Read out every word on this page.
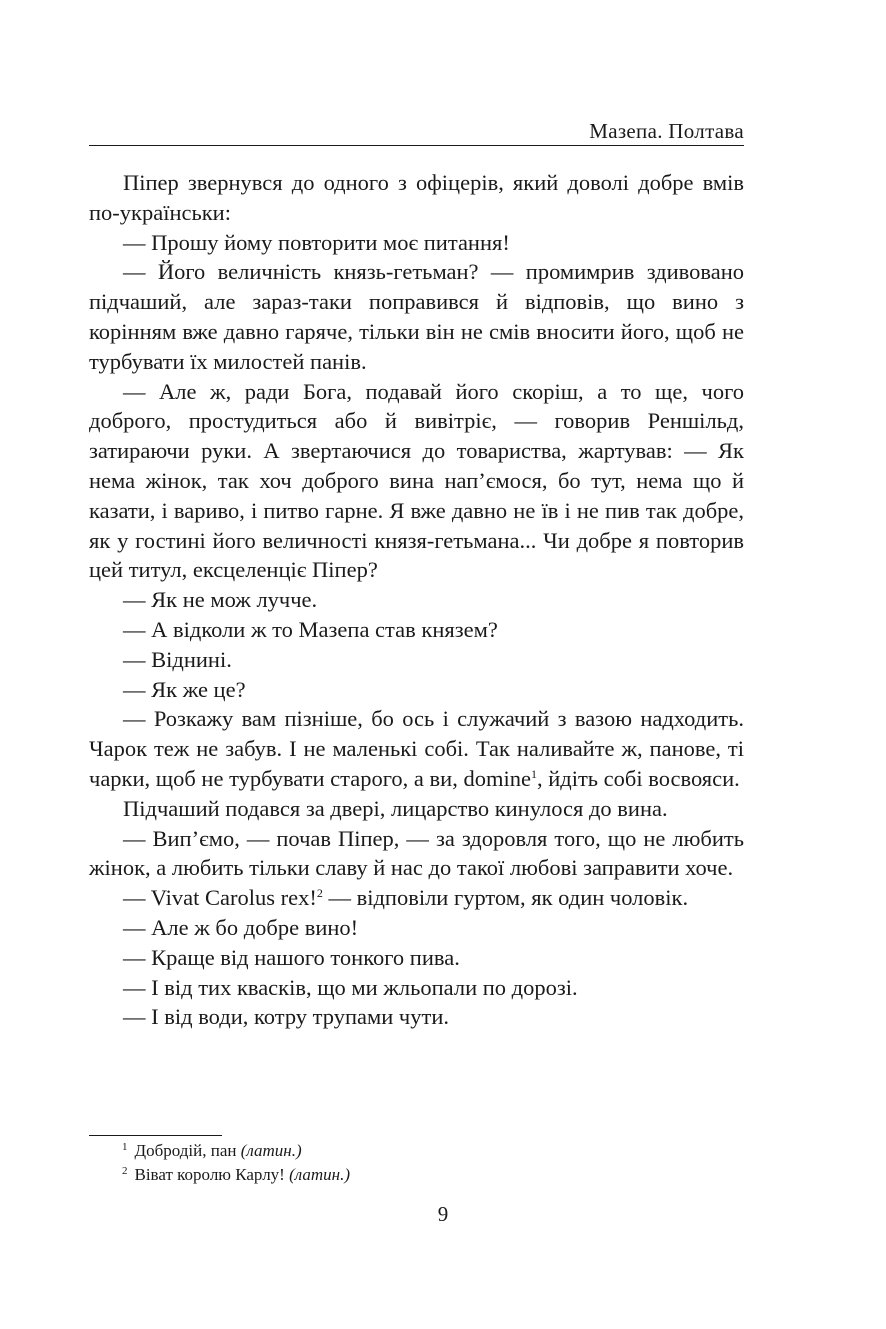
Мазепа. Полтава

Піпер звернувся до одного з офіцерів, який доволі добре вмів по-українськи:

— Прошу йому повторити моє питання!

— Його величність князь-гетьман? — промимрив здивовано підчаший, але зараз-таки поправився й відповів, що вино з корінням вже давно гаряче, тільки він не смів вносити його, щоб не турбувати їх милостей панів.

— Але ж, ради Бога, подавай його скоріш, а то ще, чого доброго, простудиться або й вивітріє, — говорив Реншільд, затираючи руки. А звертаючися до товариства, жартував: — Як нема жінок, так хоч доброго вина нап’ємося, бо тут, нема що й казати, і вариво, і питво гарне. Я вже давно не їв і не пив так добре, як у гостині його величності князя-гетьмана... Чи добре я повторив цей титул, ексцеленціє Піпер?

— Як не мож лучче.

— А відколи ж то Мазепа став князем?

— Віднині.

— Як же це?

— Розкажу вам пізніше, бо ось і служачий з вазою надходить. Чарок теж не забув. І не маленькі собі. Так наливайте ж, панове, ті чарки, щоб не турбувати старого, а ви, domine$^1$, йдіть собі восвояси.

Підчаший подався за двері, лицарство кинулося до вина.

— Вип’ємо, — почав Піпер, — за здоровля того, що не любить жінок, а любить тільки славу й нас до такої любові заправити хоче.

— Vivat Carolus rex!$^2$ — відповіли гуртом, як один чоловік.

— Але ж бо добре вино!

— Краще від нашого тонкого пива.

— І від тих квасків, що ми жльопали по дорозі.

— І від води, котру трупами чути.

$^1$ Добродій, пан (латин.)
$^2$ Віват королю Карлу! (латин.)
9
